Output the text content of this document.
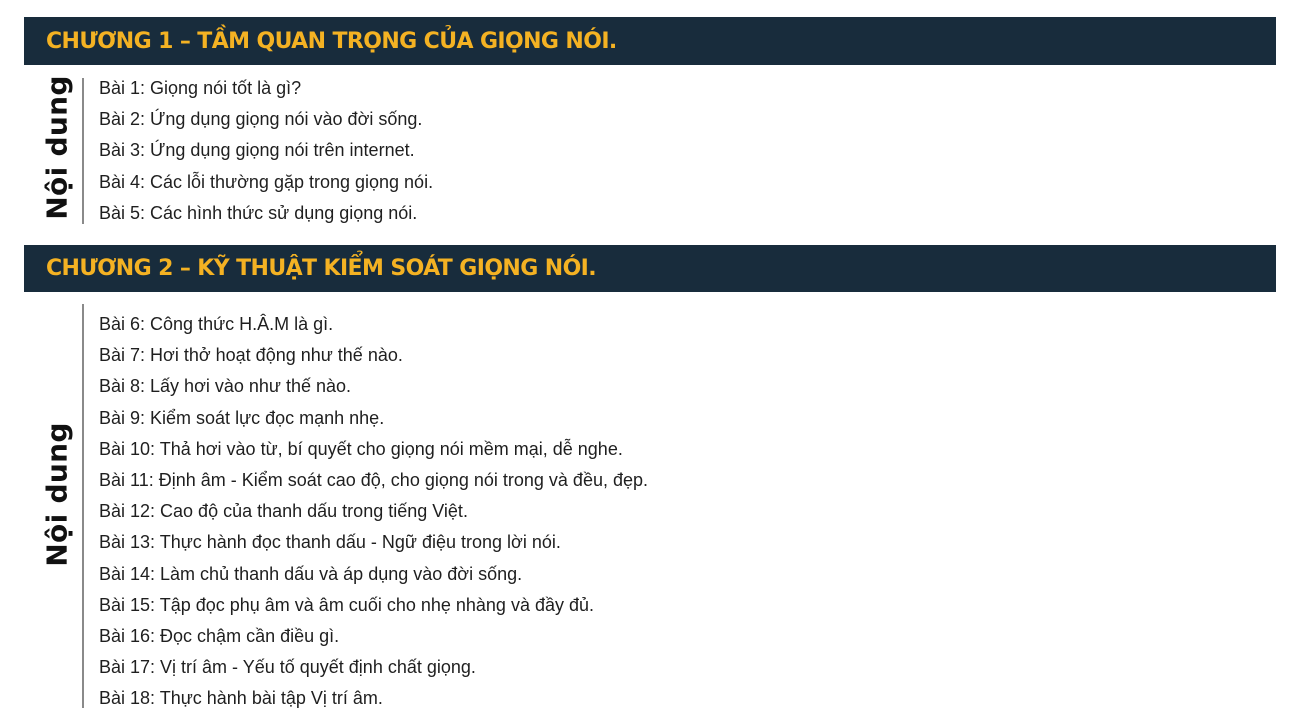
CHƯƠNG 1 – TẦM QUAN TRỌNG CỦA GIỌNG NÓI.
Nội dung Bài 1: Giọng nói tốt là gì?
Bài 2: Ứng dụng giọng nói vào đời sống.
Bài 3: Ứng dụng giọng nói trên internet.
Bài 4: Các lỗi thường gặp trong giọng nói.
Bài 5: Các hình thức sử dụng giọng nói.
CHƯƠNG 2 – KỸ THUẬT KIỂM SOÁT GIỌNG NÓI.
Nội dung
Bài 6: Công thức H.Â.M là gì.
Bài 7: Hơi thở hoạt động như thế nào.
Bài 8: Lấy hơi vào như thế nào.
Bài 9: Kiểm soát lực đọc mạnh nhẹ.
Bài 10: Thả hơi vào từ, bí quyết cho giọng nói mềm mại, dễ nghe.
Bài 11: Định âm - Kiểm soát cao độ, cho giọng nói trong và đều, đẹp.
Bài 12: Cao độ của thanh dấu trong tiếng Việt.
Bài 13: Thực hành đọc thanh dấu - Ngữ điệu trong lời nói.
Bài 14: Làm chủ thanh dấu và áp dụng vào đời sống.
Bài 15: Tập đọc phụ âm và âm cuối cho nhẹ nhàng và đầy đủ.
Bài 16: Đọc chậm cần điều gì.
Bài 17: Vị trí âm - Yếu tố quyết định chất giọng.
Bài 18: Thực hành bài tập Vị trí âm.
